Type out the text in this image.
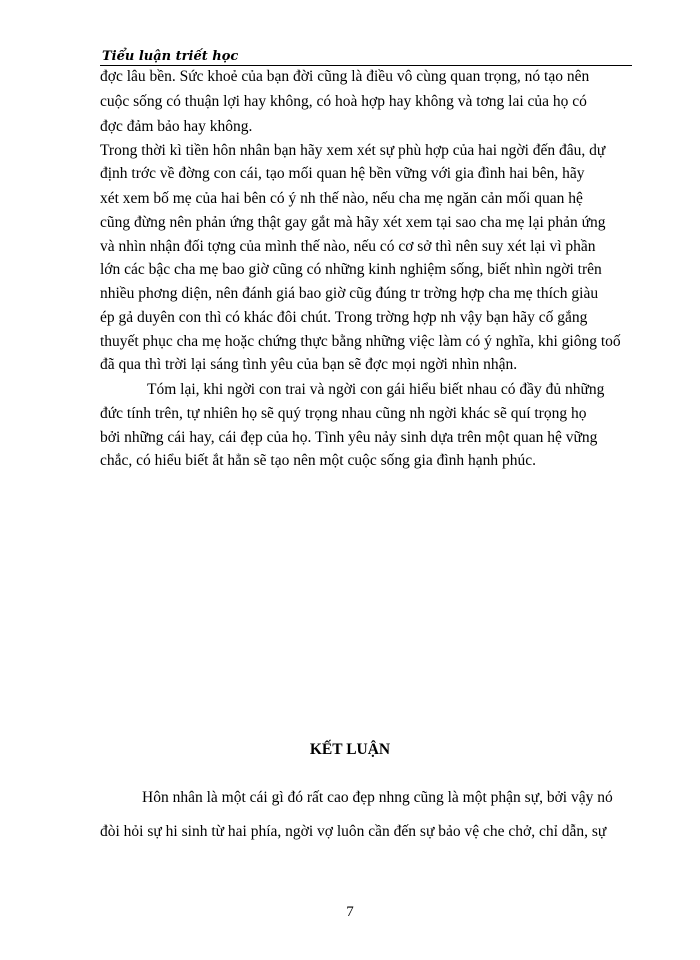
Tiểu luận triết học
đợc lâu bền. Sức khoẻ của bạn đời cũng là điều vô cùng quan trọng, nó tạo nên
cuộc sống có thuận lợi hay không, có hoà hợp hay không và tơng lai của họ có
đợc đảm bảo hay không.
Trong thời kì tiền hôn nhân bạn hãy xem xét sự phù hợp của hai ngời đến đâu, dự
định trớc về đờng con cái, tạo mối quan hệ bền vững với gia đình hai bên, hãy
xét xem bố mẹ của hai bên có ý nh thế nào, nếu cha mẹ ngăn cản mối quan hệ
cũng đừng nên phản ứng thật gay gắt mà hãy xét xem tại sao cha mẹ lại phản ứng
và nhìn nhận đối tợng của mình thế nào, nếu có cơ sở thì nên suy xét lại vì phần
lớn các bậc cha mẹ bao giờ cũng có những kinh nghiệm sống, biết nhìn ngời trên
nhiều phơng diện, nên đánh giá bao giờ cũg đúng tr trờng hợp cha mẹ thích giàu
ép gả duyên con thì có khác đôi chút. Trong trờng hợp nh vậy bạn hãy cố gắng
thuyết phục cha mẹ hoặc chứng thực bằng những việc làm có ý nghĩa, khi giông toố
đã qua thì trời lại sáng tình yêu của bạn sẽ đợc mọi ngời nhìn nhận.
Tóm lại, khi ngời con trai và ngời con gái hiểu biết nhau có đầy đủ những
đức tính trên, tự nhiên họ sẽ quý trọng nhau cũng nh ngời khác sẽ quí trọng họ
bởi những cái hay, cái đẹp của họ. Tình yêu nảy sinh dựa trên một quan hệ vững
chắc, có hiểu biết ắt hẳn sẽ tạo nên một cuộc sống gia đình hạnh phúc.
KẾT LUẬN
Hôn nhân là một cái gì đó rất cao đẹp nhng cũng là một phận sự, bởi vậy nó
đòi hỏi sự hi sinh từ hai phía, ngời vợ luôn cần đến sự bảo vệ che chở, chỉ dẫn, sự
7
